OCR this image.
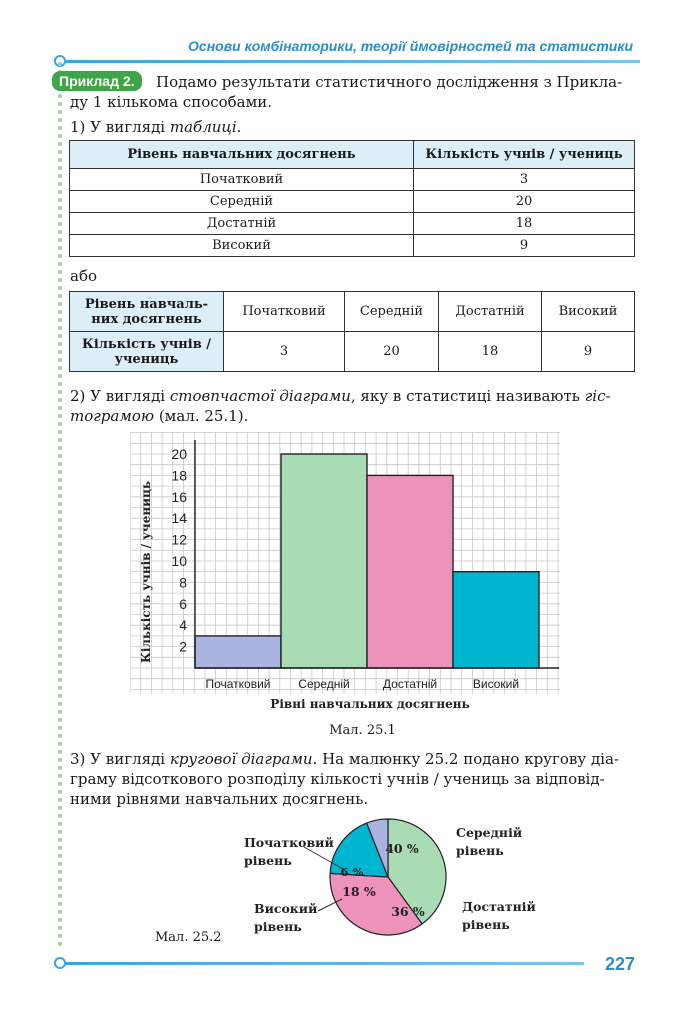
Основи комбінаторики, теорії ймовірностей та статистики
Приклад 2.	Подамо результати статистичного дослідження з Прикла-
ду 1 кількома способами.
1) У вигляді таблиці.
Рівень навчальних досягнень	Кількість учнів / учениць
Початковий	3
Середній	20
Достатній	18
Високий	9
або
Рівень навчаль-
них досягнень	Початковий	Середній	Достатній	Високий

Кількість учнів /
учениць	3	20	18	9
2) У вигляді стовпчастої діаграми, яку в статистиці називають гіс-
тограмою (мал. 25.1).
2
4
6
8
10
12
14
16
18
20
Початковий Середній	Достатній	Високий
Рівні навчальних досягнень
Кількість учнів / учениць
Мал. 25.1
3) У вигляді кругової діаграми. На малюнку 25.2 подано кругову діа-
граму відсоткового розподілу кількості учнів / учениць за відповід-
ними рівнями навчальних досягнень.
Початковий
рівень
Середній
рівень
Високий
рівень
Достатній
рівень
40 %
36 %
18 %
6 %
Мал. 25.2
227
